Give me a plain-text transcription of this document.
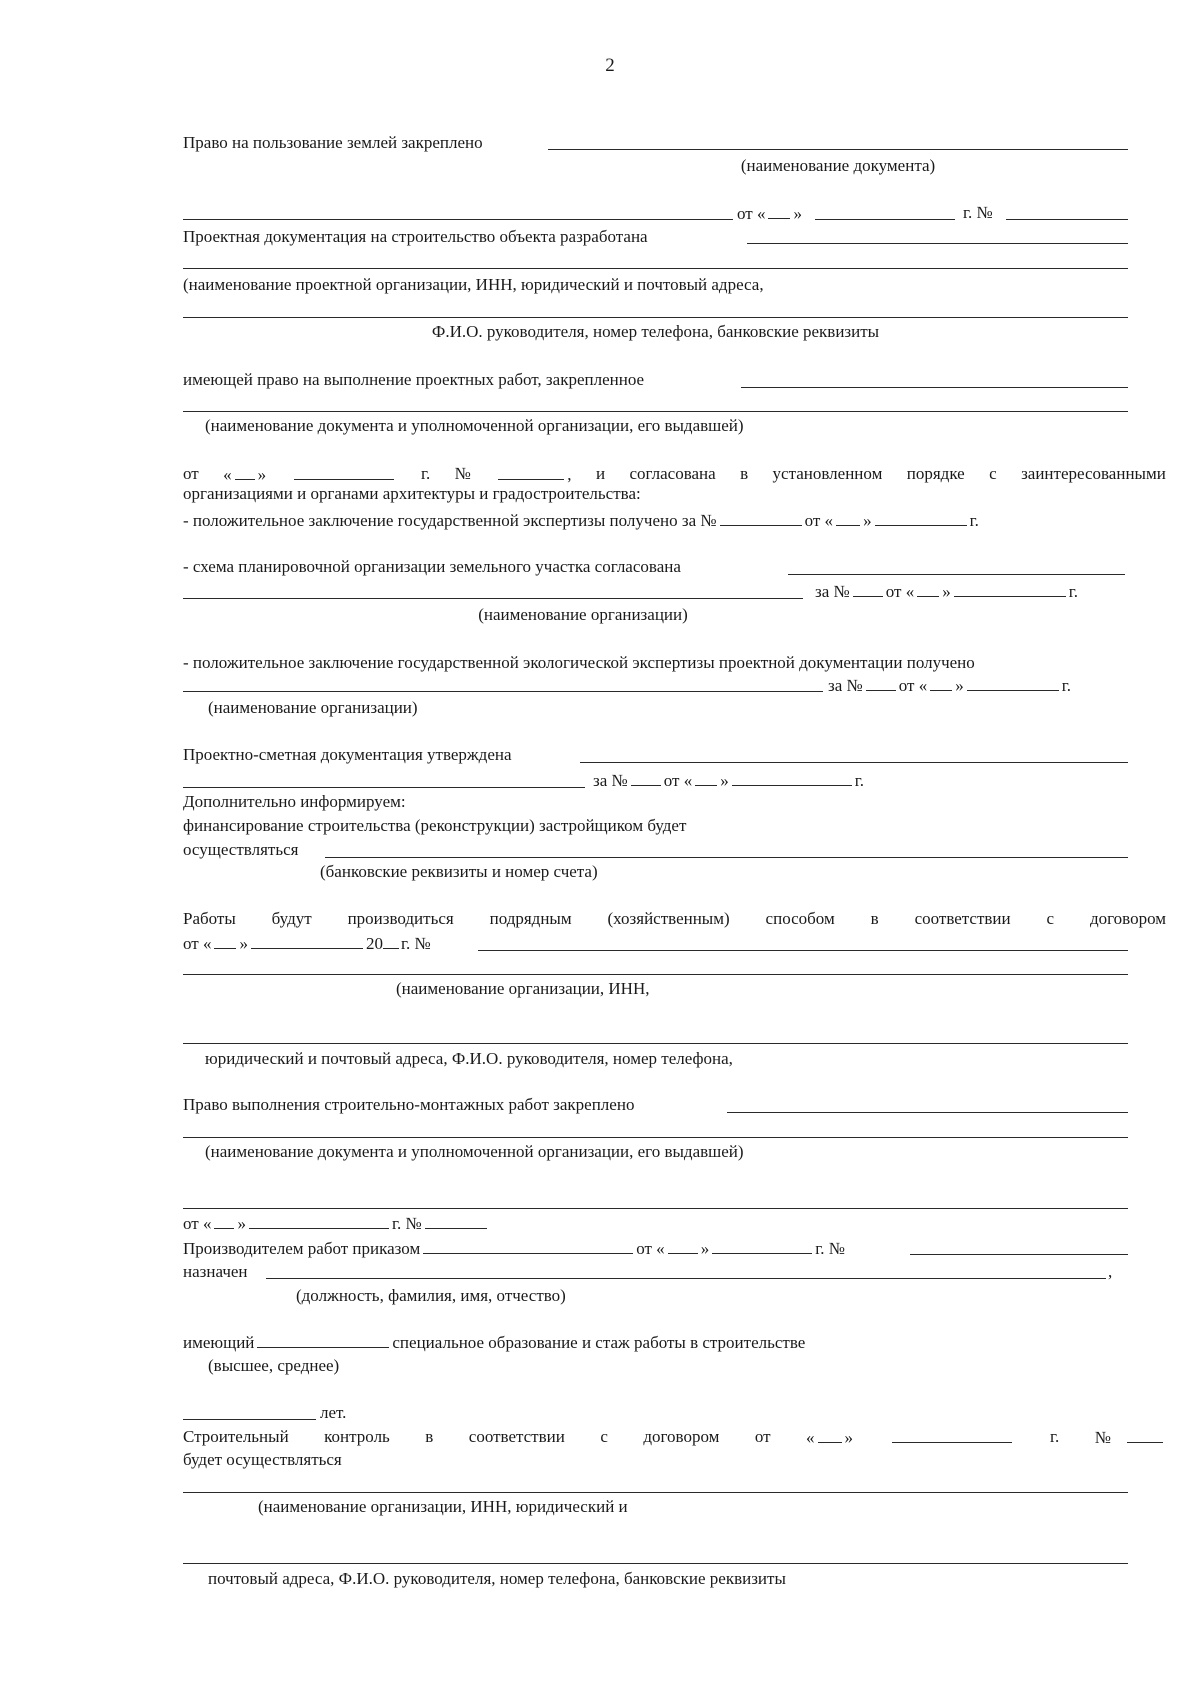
2
Право на пользование землей закреплено
(наименование документа)
от « »	г. №
Проектная документация на строительство объекта разработана
(наименование проектной организации, ИНН, юридический и почтовый адреса,
Ф.И.О. руководителя, номер телефона, банковские реквизиты
имеющей право на выполнение проектных работ, закрепленное
(наименование документа и уполномоченной организации, его выдавшей)
от « »	г. №	, и согласована в установленном порядке с заинтересованными
организациями и органами архитектуры и градостроительства:
- положительное заключение государственной экспертизы получено за №	от « »	г.
- схема планировочной организации земельного участка согласована
за № от « »	г.
(наименование организации)
- положительное заключение государственной экологической экспертизы проектной документации получено
за № от « »	г.
(наименование организации)
Проектно-сметная документация утверждена
за № от « »	г.
Дополнительно информируем:
финансирование строительства (реконструкции) застройщиком будет
осуществляться
(банковские реквизиты и номер счета)
Работы будут производиться подрядным (хозяйственным) способом в соответствии с договором
от « »	20 г. №
(наименование организации, ИНН,
юридический и почтовый адреса, Ф.И.О. руководителя, номер телефона,
Право выполнения строительно-монтажных работ закреплено
(наименование документа и уполномоченной организации, его выдавшей)
от « »	г. №
Производителем работ приказом	от « »	г. №
назначен	,
(должность, фамилия, имя, отчество)
имеющий	специальное образование и стаж работы в строительстве
(высшее, среднее)
лет.
Строительный контроль в соответствии с договором от « »	г. №
будет осуществляться
(наименование организации, ИНН, юридический и
почтовый адреса, Ф.И.О. руководителя, номер телефона, банковские реквизиты
